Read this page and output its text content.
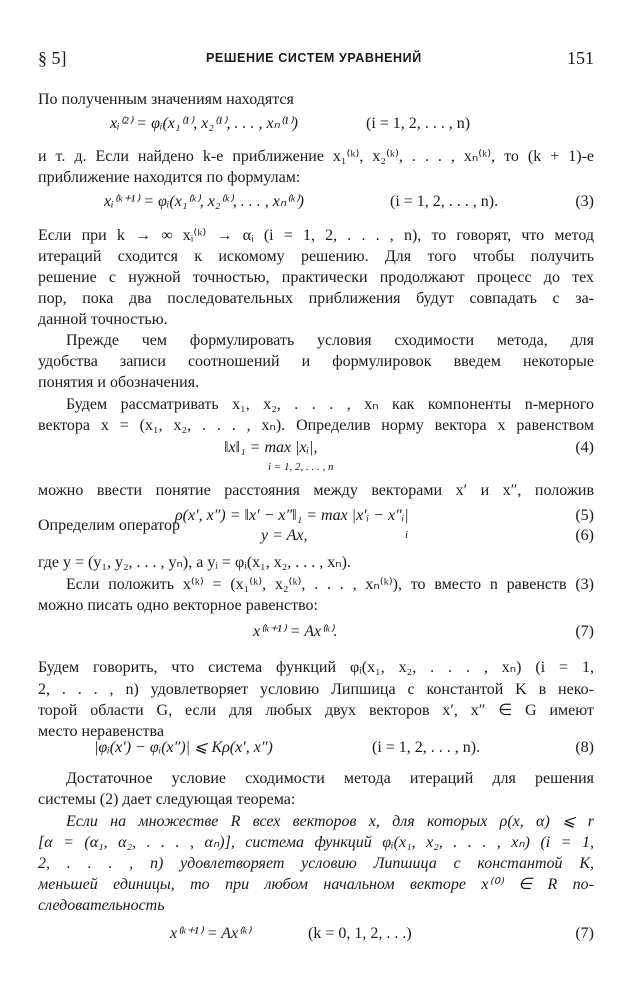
§ 5]	РЕШЕНИЕ СИСТЕМ УРАВНЕНИЙ	151
По полученным значениям находятся
xᵢ⁽²⁾ = φᵢ(x₁⁽¹⁾, x₂⁽¹⁾, . . . , xₙ⁽¹⁾)	(i = 1, 2, . . . , n)
и т. д. Если найдено k-е приближение x₁⁽ᵏ⁾, x₂⁽ᵏ⁾, . . . , xₙ⁽ᵏ⁾, то (k + 1)-е
приближение находится по формулам:
xᵢ⁽ᵏ⁺¹⁾ = φᵢ(x₁⁽ᵏ⁾, x₂⁽ᵏ⁾, . . . , xₙ⁽ᵏ⁾)	(i = 1, 2, . . . , n).	(3)
Если при k → ∞ xᵢ⁽ᵏ⁾ → αᵢ (i = 1, 2, . . . , n), то говорят, что метод
итераций сходится к искомому решению. Для того чтобы получить
решение с нужной точностью, практически продолжают процесс до тех
пор, пока два последовательных приближения будут совпадать с за-
данной точностью.
Прежде чем формулировать условия сходимости метода, для
удобства записи соотношений и формулировок введем некоторые
понятия и обозначения.
Будем рассматривать x₁, x₂, . . . , xₙ как компоненты n-мерного
вектора x = (x₁, x₂, . . . , xₙ). Определив норму вектора x равенством
‖x‖₁ = max |xᵢ|,
i = 1, 2, . . . , n
(4)
можно ввести понятие расстояния между векторами x′ и x″, положив
ρ(x′, x″) = ‖x′ − x″‖₁ = max |x′ᵢ − x″ᵢ|
i
(5)
Определим оператор
y = Ax,	(6)
где y = (y₁, y₂, . . . , yₙ), а yᵢ = φᵢ(x₁, x₂, . . . , xₙ).
Если положить x⁽ᵏ⁾ = (x₁⁽ᵏ⁾, x₂⁽ᵏ⁾, . . . , xₙ⁽ᵏ⁾), то вместо n равенств (3)
можно писать одно векторное равенство:
x⁽ᵏ⁺¹⁾ = Ax⁽ᵏ⁾.	(7)
Будем говорить, что система функций φᵢ(x₁, x₂, . . . , xₙ) (i = 1,
2, . . . , n) удовлетворяет условию Липшица с константой K в неко-
торой области G, если для любых двух векторов x′, x″ ∈ G имеют
место неравенства
|φᵢ(x′) − φᵢ(x″)| ⩽ Kρ(x′, x″)	(i = 1, 2, . . . , n).	(8)
Достаточное условие сходимости метода итераций для решения
системы (2) дает следующая теорема:
Если на множестве R всех векторов x, для которых ρ(x, α) ⩽ r
[α = (α₁, α₂, . . . , αₙ)], система функций φᵢ(x₁, x₂, . . . , xₙ) (i = 1,
2, . . . , n) удовлетворяет условию Липшица с константой K,
меньшей единицы, то при любом начальном векторе x⁽⁰⁾ ∈ R по-
следовательность
x⁽ᵏ⁺¹⁾ = Ax⁽ᵏ⁾	(k = 0, 1, 2, . . .)	(7)
